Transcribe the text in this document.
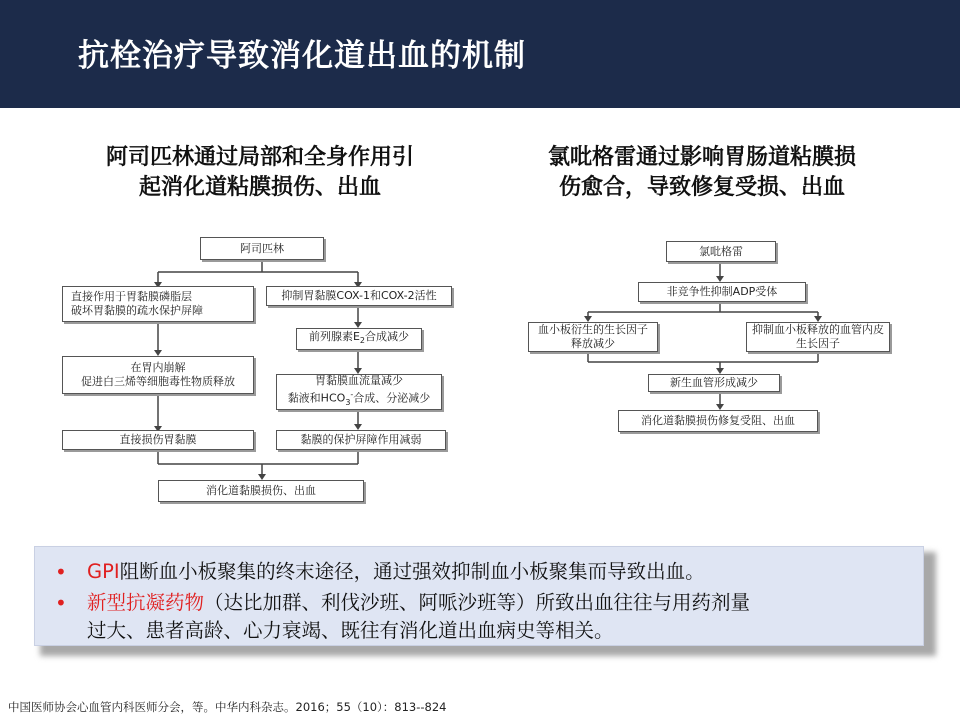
抗栓治疗导致消化道出血的机制
阿司匹林通过局部和全身作用引
起消化道粘膜损伤、出血
氯吡格雷通过影响胃肠道粘膜损
伤愈合，导致修复受损、出血
阿司匹林
直接作用于胃黏膜磷脂层
破坏胃黏膜的疏水保护屏障
抑制胃黏膜COX-1和COX-2活性
在胃内崩解
促进白三烯等细胞毒性物质释放
前列腺素$E_2$合成减少
胃黏膜血流量减少
黏液和$HCO_3^-$合成、分泌减少
直接损伤胃黏膜	黏膜的保护屏障作用减弱
消化道黏膜损伤、出血
氯吡格雷
非竞争性抑制ADP受体
血小板衍生的生长因子
释放减少
抑制血小板释放的血管内皮
生长因子
新生血管形成减少
消化道黏膜损伤修复受阻、出血
• GPI阻断血小板聚集的终末途径，通过强效抑制血小板聚集而导致出血。
• 新型抗凝药物（达比加群、利伐沙班、阿哌沙班等）所致出血往往与用药剂量
过大、患者高龄、心力衰竭、既往有消化道出血病史等相关。
中国医师协会心血管内科医师分会，等。中华内科杂志。2016；55（10）：813--824
